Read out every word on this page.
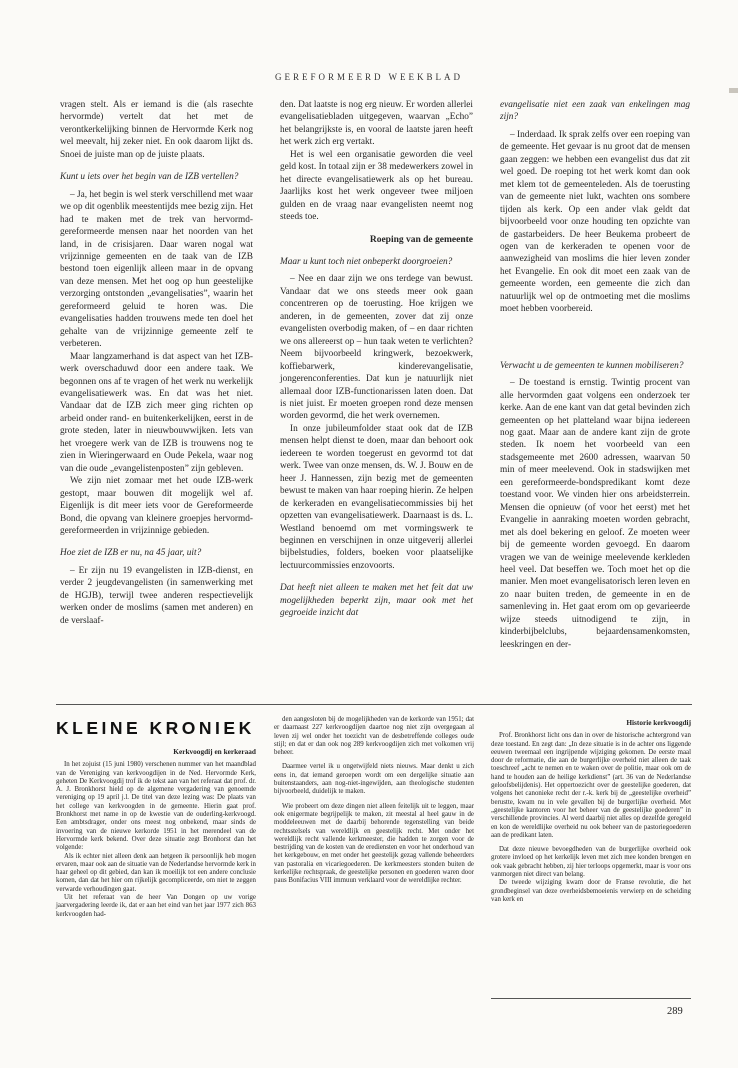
GEREFORMEERD WEEKBLAD

vragen stelt. Als er iemand is die (als rasechte hervormde) vertelt dat het met de verontkerkelijking binnen de Hervormde Kerk nog wel meevalt, hij zeker niet. En ook daarom lijkt ds. Snoei de juiste man op de juiste plaats.

Kunt u iets over het begin van de IZB vertellen?

– Ja, het begin is wel sterk verschillend met waar we op dit ogenblik meestentijds mee bezig zijn. Het had te maken met de trek van hervormd-gereformeerde mensen naar het noorden van het land, in de crisisjaren. Daar waren nogal wat vrijzinnige gemeenten en de taak van de IZB bestond toen eigenlijk alleen maar in de opvang van deze mensen. Met het oog op hun geestelijke verzorging ontstonden „evangelisaties”, waarin het gereformeerd geluid te horen was. Die evangelisaties hadden trouwens mede ten doel het gehalte van de vrijzinnige gemeente zelf te verbeteren.

Maar langzamerhand is dat aspect van het IZB-werk overschaduwd door een andere taak. We begonnen ons af te vragen of het werk nu werkelijk evangelisatiewerk was. En dat was het niet. Vandaar dat de IZB zich meer ging richten op arbeid onder rand- en buitenkerkelijken, eerst in de grote steden, later in nieuwbouwwijken. Iets van het vroegere werk van de IZB is trouwens nog te zien in Wieringerwaard en Oude Pekela, waar nog van die oude „evangelistenposten” zijn gebleven.

We zijn niet zomaar met het oude IZB-werk gestopt, maar bouwen dit mogelijk wel af. Eigenlijk is dit meer iets voor de Gereformeerde Bond, die opvang van kleinere groepjes hervormd-gereformeerden in vrijzinnige gebieden.

Hoe ziet de IZB er nu, na 45 jaar, uit?

– Er zijn nu 19 evangelisten in IZB-dienst, en verder 2 jeugdevangelisten (in samenwerking met de HGJB), terwijl twee anderen respectievelijk werken onder de moslims (samen met anderen) en de verslaaf-

den. Dat laatste is nog erg nieuw. Er worden allerlei evangelisatiebladen uitgegeven, waarvan „Echo” het belangrijkste is, en vooral de laatste jaren heeft het werk zich erg vertakt.

Het is wel een organisatie geworden die veel geld kost. In totaal zijn er 38 medewerkers zowel in het directe evangelisatiewerk als op het bureau. Jaarlijks kost het werk ongeveer twee miljoen gulden en de vraag naar evangelisten neemt nog steeds toe.

Roeping van de gemeente

Maar u kunt toch niet onbeperkt doorgroeien?

– Nee en daar zijn we ons terdege van bewust. Vandaar dat we ons steeds meer ook gaan concentreren op de toerusting. Hoe krijgen we anderen, in de gemeenten, zover dat zij onze evangelisten overbodig maken, of – en daar richten we ons allereerst op – hun taak weten te verlichten? Neem bijvoorbeeld kringwerk, bezoekwerk, koffiebarwerk, kinderevangelisatie, jongerenconferenties. Dat kun je natuurlijk niet allemaal door IZB-functionarissen laten doen. Dat is niet juist. Er moeten groepen rond deze mensen worden gevormd, die het werk overnemen.

In onze jubileumfolder staat ook dat de IZB mensen helpt dienst te doen, maar dan behoort ook iedereen te worden toegerust en gevormd tot dat werk. Twee van onze mensen, ds. W. J. Bouw en de heer J. Hannessen, zijn bezig met de gemeenten bewust te maken van haar roeping hierin. Ze helpen de kerkeraden en evangelisatiecommissies bij het opzetten van evangelisatiewerk. Daarnaast is ds. L. Westland benoemd om met vormingswerk te beginnen en verschijnen in onze uitgeverij allerlei bijbelstudies, folders, boeken voor plaatselijke lectuurcommissies enzovoorts.

Dat heeft niet alleen te maken met het feit dat uw mogelijkheden beperkt zijn, maar ook met het gegroeide inzicht dat

evangelisatie niet een zaak van enkelingen mag zijn?

– Inderdaad. Ik sprak zelfs over een roeping van de gemeente. Het gevaar is nu groot dat de mensen gaan zeggen: we hebben een evangelist dus dat zit wel goed. De roeping tot het werk komt dan ook met klem tot de gemeenteleden. Als de toerusting van de gemeente niet lukt, wachten ons sombere tijden als kerk. Op een ander vlak geldt dat bijvoorbeeld voor onze houding ten opzichte van de gastarbeiders. De heer Beukema probeert de ogen van de kerkeraden te openen voor de aanwezigheid van moslims die hier leven zonder het Evangelie. En ook dit moet een zaak van de gemeente worden, een gemeente die zich dan natuurlijk wel op de ontmoeting met die moslims moet hebben voorbereid.

Verwacht u de gemeenten te kunnen mobiliseren?

– De toestand is ernstig. Twintig procent van alle hervormden gaat volgens een onderzoek ter kerke. Aan de ene kant van dat getal bevinden zich gemeenten op het platteland waar bijna iedereen nog gaat. Maar aan de andere kant zijn de grote steden. Ik noem het voorbeeld van een stadsgemeente met 2600 adressen, waarvan 50 min of meer meelevend. Ook in stadswijken met een gereformeerde-bondspredikant komt deze toestand voor. We vinden hier ons arbeidsterrein. Mensen die opnieuw (of voor het eerst) met het Evangelie in aanraking moeten worden gebracht, met als doel bekering en geloof. Ze moeten weer bij de gemeente worden gevoegd. En daarom vragen we van de weinige meelevende kerkleden heel veel. Dat beseffen we. Toch moet het op die manier. Men moet evangelisatorisch leren leven en zo naar buiten treden, de gemeente in en de samenleving in. Het gaat erom om op gevarieerde wijze steeds uitnodigend te zijn, in kinderbijbelclubs, bejaardensamenkomsten, leeskringen en der-

KLEINE KRONIEK
Kerkvoogdij en kerkeraad

In het zojuist (15 juni 1980) verschenen nummer van het maandblad van de Vereniging van kerkvoogdijen in de Ned. Hervormde Kerk, geheten De Kerkvoogdij trof ik de tekst aan van het referaat dat prof. dr. A. J. Bronkhorst hield op de algemene vergadering van genoemde vereniging op 19 april j.l. De titel van deze lezing was: De plaats van het college van kerkvoogden in de gemeente. Hierin gaat prof. Bronkhorst met name in op de kwestie van de ouderling-kerkvoogd. Een ambtsdrager, onder ons meest nog onbekend, maar sinds de invoering van de nieuwe kerkorde 1951 in het merendeel van de Hervormde kerk bekend. Over deze situatie zegt Bronhorst dan het volgende:

Als ik echter niet alleen denk aan hetgeen ik persoonlijk heb mogen ervaren, maar ook aan de situatie van de Nederlandse hervormde kerk in haar geheel op dit gebied, dan kan ik moeilijk tot een andere conclusie komen, dan dat het hier om rijkelijk gecompliceerde, om niet te zeggen verwarde verhoudingen gaat.

Uit het referaat van de heer Van Dongen op uw vorige jaarvergadering leerde ik, dat er aan het eind van het jaar 1977 zich 863 kerkvoogden had-

den aangesloten bij de mogelijkheden van de kerkorde van 1951; dat er daarnaast 227 kerkvoogdijen daartoe nog niet zijn overgegaan al leven zij wel onder het toezicht van de desbetreffende colleges oude stijl; en dat er dan ook nog 289 kerkvoogdijen zich met volkomen vrij beheer.

Daarmee vertel ik u ongetwijfeld niets nieuws. Maar denkt u zich eens in, dat iemand geroepen wordt om een dergelijke situatie aan buitenstaanders, aan nog-niet-ingewijden, aan theologische studenten bijvoorbeeld, duidelijk te maken.

Wie probeert om deze dingen niet alleen feitelijk uit te leggen, maar ook enigermate begrijpelijk te maken, zit meestal al heel gauw in de moddeleeuwen met de daarbij behorende tegenstelling van beide rechtsstelsels van wereldlijk en geestelijk recht. Met onder het wereldlijk recht vallende kerkmeester, die hadden te zorgen voor de bestrijding van de kosten van de erediensten en voor het onderhoud van het kerkgebouw, en met onder het geestelijk gezag vallende beheerders van pastoralia en vicariegoederen. De kerkmeesters stonden buiten de kerkelijke rechtspraak, de geestelijke personen en goederen waren door paus Bonifacius VIII immuun verklaard voor de wereldlijke rechter.

Historie kerkvoogdij

Prof. Bronkhorst licht ons dan in over de historische achtergrond van deze toestand. En zegt dan: „In deze situatie is in de achter ons liggende eeuwen tweemaal een ingrijpende wijziging gekomen. De eerste maal door de reformatie, die aan de burgerlijke overheid niet alleen de taak toeschreef „acht te nemen en te waken over de politie, maar ook om de hand te houden aan de heilige kerkdienst” (art. 36 van de Nederlandse geloofsbelijdenis). Het oppertoezicht over de geestelijke goederen, dat volgens het canonieke recht der r.-k. kerk bij de „geestelijke overheid” berustte, kwam nu in vele gevallen bij de burgerlijke overheid. Met „geestelijke kantoren voor het beheer van de geestelijke goederen” in verschillende provincies. Al werd daarbij niet alles op dezelfde geregeld en kon de wereldlijke overheid nu ook beheer van de pastoriegoederen aan de predikant laten.

Dat deze nieuwe bevoegdheden van de burgerlijke overheid ook grotere invloed op het kerkelijk leven met zich mee konden brengen en ook vaak gebracht hebben, zij hier terloops opgemerkt, maar is voor ons vanmorgen niet direct van belang.

De tweede wijziging kwam door de Franse revolutie, die het grondbeginsel van deze overheidsbemoeienis verwierp en de scheiding van kerk en

289
